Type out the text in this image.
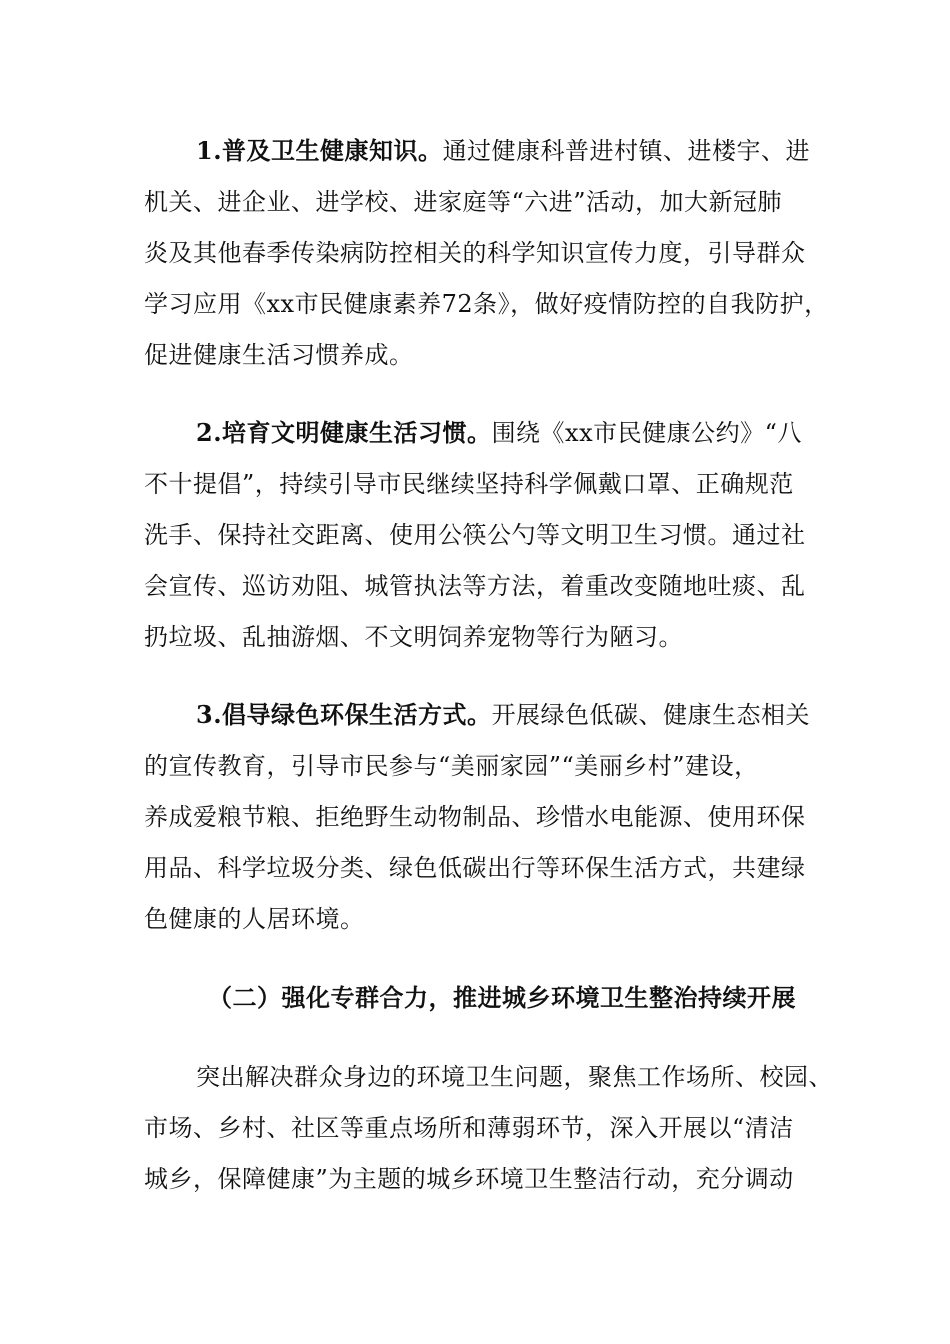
1.普及卫生健康知识。通过健康科普进村镇、进楼宇、进
机关、进企业、进学校、进家庭等“六进”活动，加大新冠肺
炎及其他春季传染病防控相关的科学知识宣传力度，引导群众
学习应用《xx市民健康素养72条》，做好疫情防控的自我防护，
促进健康生活习惯养成。
2.培育文明健康生活习惯。围绕《xx市民健康公约》“八
不十提倡”，持续引导市民继续坚持科学佩戴口罩、正确规范
洗手、保持社交距离、使用公筷公勺等文明卫生习惯。通过社
会宣传、巡访劝阻、城管执法等方法，着重改变随地吐痰、乱
扔垃圾、乱抽游烟、不文明饲养宠物等行为陋习。
3.倡导绿色环保生活方式。开展绿色低碳、健康生态相关
的宣传教育，引导市民参与“美丽家园”“美丽乡村”建设，
养成爱粮节粮、拒绝野生动物制品、珍惜水电能源、使用环保
用品、科学垃圾分类、绿色低碳出行等环保生活方式，共建绿
色健康的人居环境。
（二）强化专群合力，推进城乡环境卫生整治持续开展
突出解决群众身边的环境卫生问题，聚焦工作场所、校园、
市场、乡村、社区等重点场所和薄弱环节，深入开展以“清洁
城乡，保障健康”为主题的城乡环境卫生整洁行动，充分调动
